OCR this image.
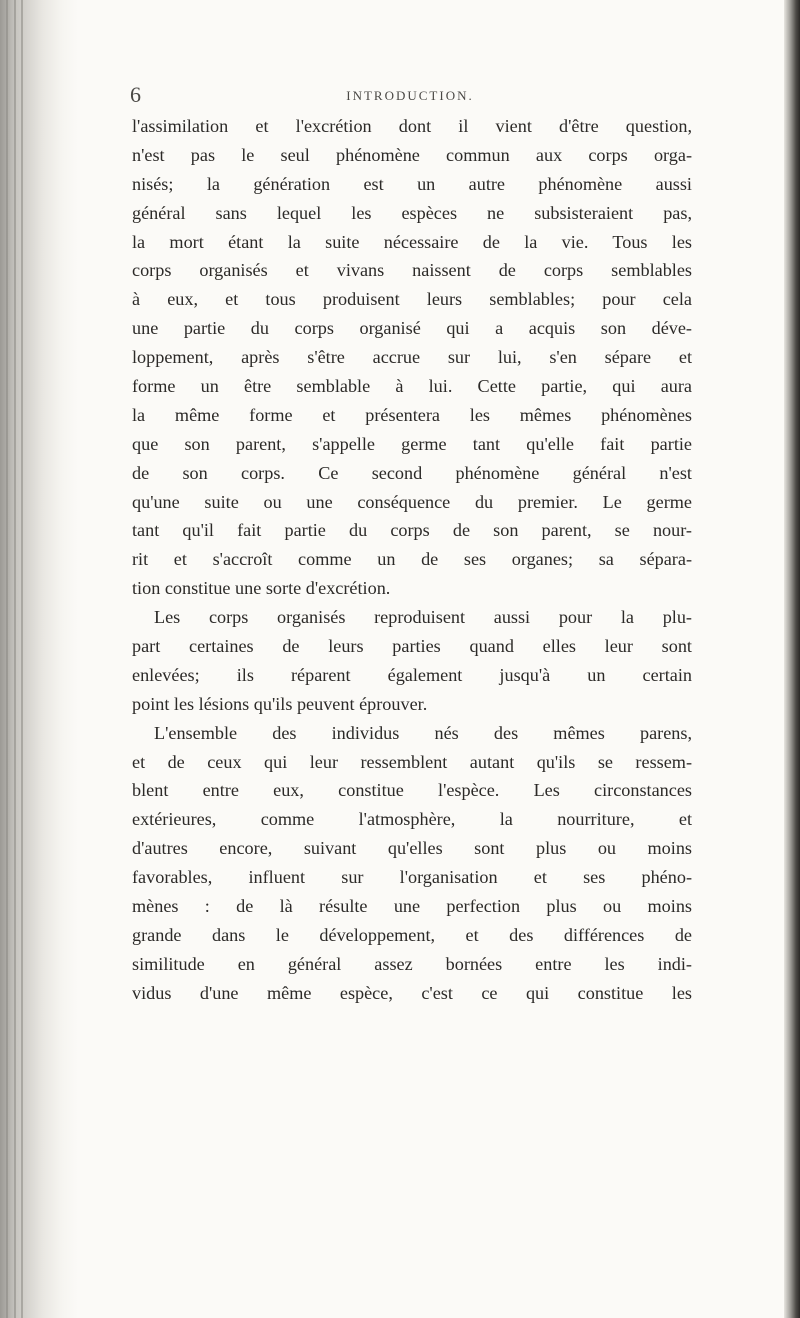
6	INTRODUCTION.
l'assimilation et l'excrétion dont il vient d'être question,
n'est pas le seul phénomène commun aux corps orga-
nisés; la génération est un autre phénomène aussi
général sans lequel les espèces ne subsisteraient pas,
la mort étant la suite nécessaire de la vie. Tous les
corps organisés et vivans naissent de corps semblables
à eux, et tous produisent leurs semblables; pour cela
une partie du corps organisé qui a acquis son déve-
loppement, après s'être accrue sur lui, s'en sépare et
forme un être semblable à lui. Cette partie, qui aura
la même forme et présentera les mêmes phénomènes
que son parent, s'appelle germe tant qu'elle fait partie
de son corps. Ce second phénomène général n'est
qu'une suite ou une conséquence du premier. Le germe
tant qu'il fait partie du corps de son parent, se nour-
rit et s'accroît comme un de ses organes; sa sépara-
tion constitue une sorte d'excrétion.
Les corps organisés reproduisent aussi pour la plu-
part certaines de leurs parties quand elles leur sont
enlevées; ils réparent également jusqu'à un certain
point les lésions qu'ils peuvent éprouver.
L'ensemble des individus nés des mêmes parens,
et de ceux qui leur ressemblent autant qu'ils se ressem-
blent entre eux, constitue l'espèce. Les circonstances
extérieures, comme l'atmosphère, la nourriture, et
d'autres encore, suivant qu'elles sont plus ou moins
favorables, influent sur l'organisation et ses phéno-
mènes : de là résulte une perfection plus ou moins
grande dans le développement, et des différences de
similitude en général assez bornées entre les indi-
vidus d'une même espèce, c'est ce qui constitue les
